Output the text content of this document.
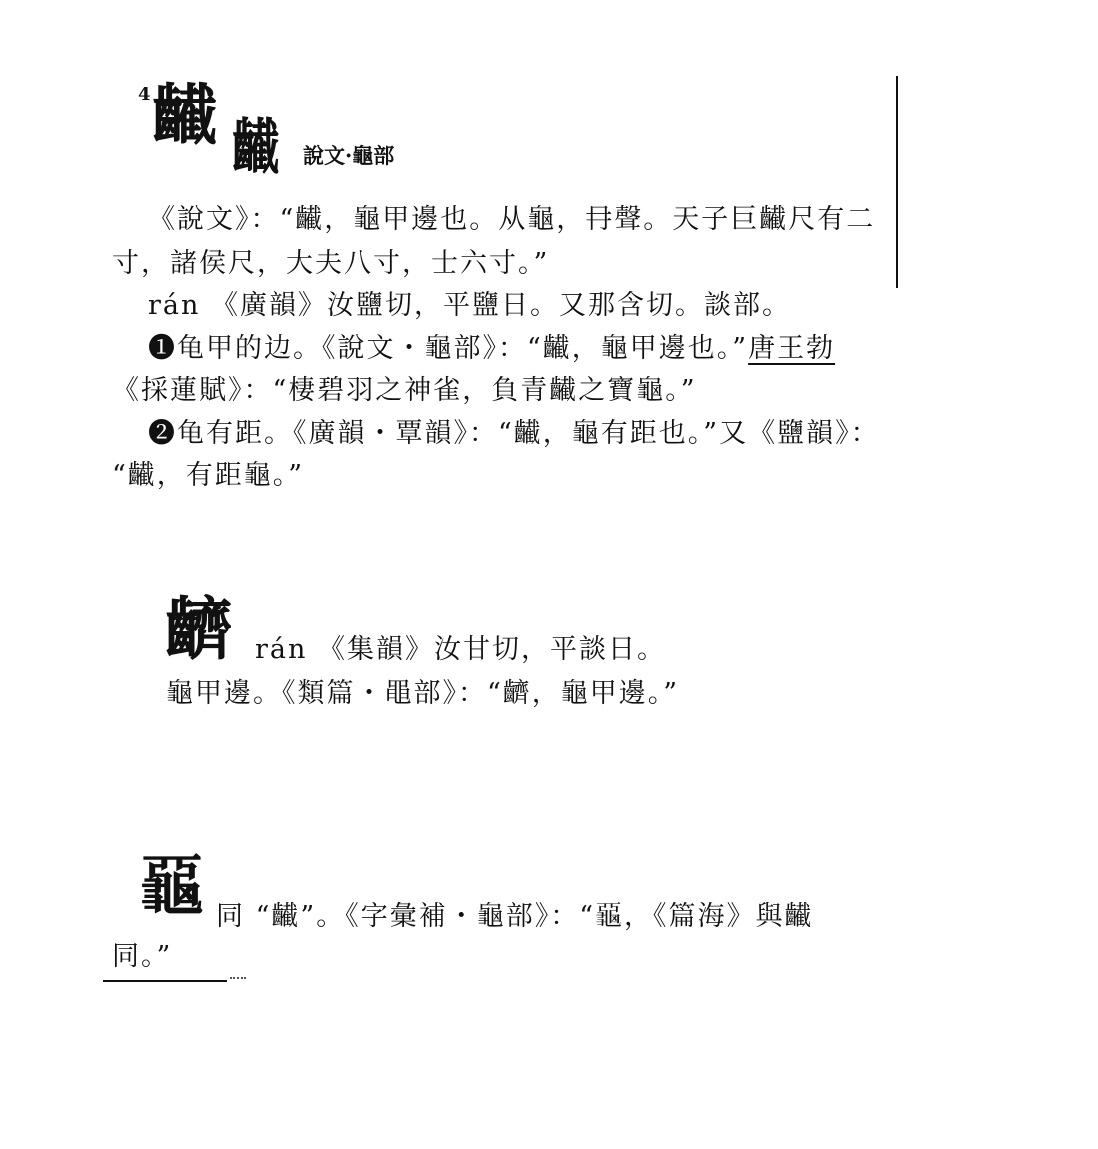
4 䶪 䶪 說文·龜部
《說文》：“䶪，龜甲邊也。从龜，冄聲。天子巨䶪尺有二
寸，諸侯尺，大夫八寸，士六寸。”
rán 《廣韻》汝鹽切，平鹽日。又那含切。談部。
❶龟甲的边。《說文・龜部》：“䶪，龜甲邊也。”唐王勃
《採蓮賦》：“棲碧羽之神雀，負青䶪之寶龜。”
❷龟有距。《廣韻・覃韻》：“䶪，龜有距也。”又《鹽韻》：
“䶪，有距龜。”
䶩 rán 《集韻》汝甘切，平談日。
龜甲邊。《類篇・黽部》：“䶩，龜甲邊。”
𪚦 同 “䶪”。《字彙補・龜部》：“𪚦，《篇海》與䶪
同。”
